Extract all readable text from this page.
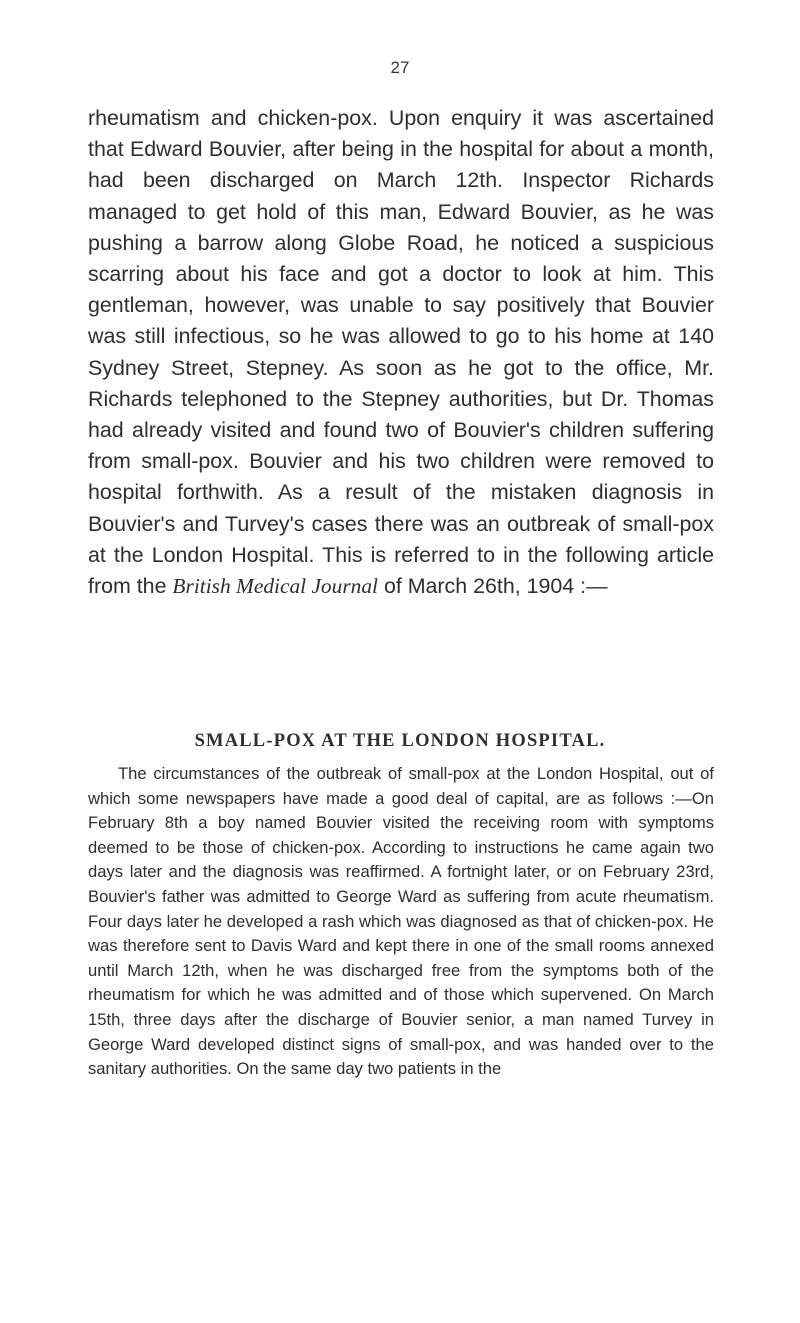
27

rheumatism and chicken-pox. Upon enquiry it was ascertained that Edward Bouvier, after being in the hospital for about a month, had been discharged on March 12th. Inspector Richards managed to get hold of this man, Edward Bouvier, as he was pushing a barrow along Globe Road, he noticed a suspicious scarring about his face and got a doctor to look at him. This gentleman, however, was unable to say positively that Bouvier was still infectious, so he was allowed to go to his home at 140 Sydney Street, Stepney. As soon as he got to the office, Mr. Richards telephoned to the Stepney authorities, but Dr. Thomas had already visited and found two of Bouvier's children suffering from small-pox. Bouvier and his two children were removed to hospital forthwith. As a result of the mistaken diagnosis in Bouvier's and Turvey's cases there was an outbreak of small-pox at the London Hospital. This is referred to in the following article from the British Medical Journal of March 26th, 1904 :—

SMALL-POX AT THE LONDON HOSPITAL.

The circumstances of the outbreak of small-pox at the London Hospital, out of which some newspapers have made a good deal of capital, are as follows :—On February 8th a boy named Bouvier visited the receiving room with symptoms deemed to be those of chicken-pox. According to instructions he came again two days later and the diagnosis was reaffirmed. A fortnight later, or on February 23rd, Bouvier's father was admitted to George Ward as suffering from acute rheumatism. Four days later he developed a rash which was diagnosed as that of chicken-pox. He was therefore sent to Davis Ward and kept there in one of the small rooms annexed until March 12th, when he was discharged free from the symptoms both of the rheumatism for which he was admitted and of those which supervened. On March 15th, three days after the discharge of Bouvier senior, a man named Turvey in George Ward developed distinct signs of small-pox, and was handed over to the sanitary authorities. On the same day two patients in the
